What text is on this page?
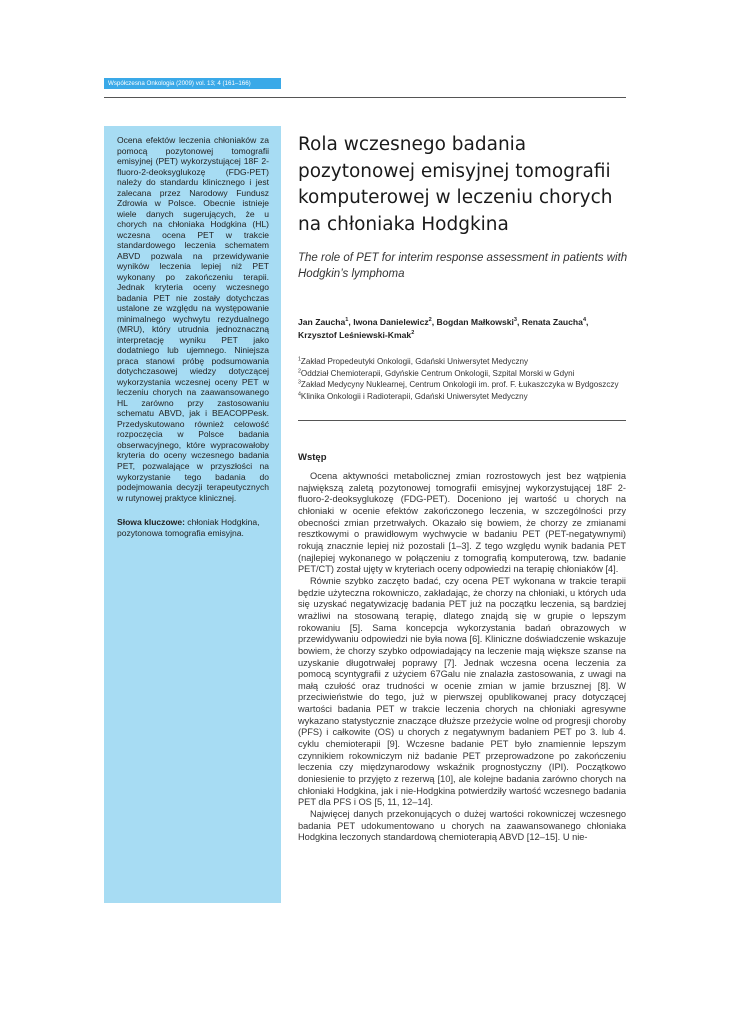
Współczesna Onkologia (2009) vol. 13; 4 (161–166)

Ocena efektów leczenia chłoniaków za pomocą pozytonowej tomografii emisyjnej (PET) wykorzystującej 18F 2-fluoro-2-deoksyglukozę (FDG-PET) należy do standardu klinicznego i jest zalecana przez Narodowy Fundusz Zdrowia w Polsce. Obecnie istnieje wiele danych sugerujących, że u chorych na chłoniaka Hodgkina (HL) wczesna ocena PET w trakcie standardowego leczenia schematem ABVD pozwala na przewidywanie wyników leczenia lepiej niż PET wykonany po zakończeniu terapii. Jednak kryteria oceny wczesnego badania PET nie zostały dotychczas ustalone ze względu na występowanie minimalnego wychwytu rezydualnego (MRU), który utrudnia jednoznaczną interpretację wyniku PET jako dodatniego lub ujemnego. Niniejsza praca stanowi próbę podsumowania dotychczasowej wiedzy dotyczącej wykorzystania wczesnej oceny PET w leczeniu chorych na zaawansowanego HL zarówno przy zastosowaniu schematu ABVD, jak i BEACOPPesk. Przedyskutowano również celowość rozpoczęcia w Polsce badania obserwacyjnego, które wypracowałoby kryteria do oceny wczesnego badania PET, pozwalające w przyszłości na wykorzystanie tego badania do podejmowania decyzji terapeutycznych w rutynowej praktyce klinicznej.

Słowa kluczowe: chłoniak Hodgkina, pozytonowa tomografia emisyjna.

Rola wczesnego badania pozytonowej emisyjnej tomografii komputerowej w leczeniu chorych na chłoniaka Hodgkina

The role of PET for interim response assessment in patients with Hodgkin’s lymphoma

Jan Zaucha$^1$, Iwona Danielewicz$^2$, Bogdan Małkowski$^3$, Renata Zaucha$^4$, Krzysztof Leśniewski-Kmak$^2$

$^1$Zakład Propedeutyki Onkologii, Gdański Uniwersytet Medyczny
$^2$Oddział Chemioterapii, Gdyńskie Centrum Onkologii, Szpital Morski w Gdyni
$^3$Zakład Medycyny Nuklearnej, Centrum Onkologii im. prof. F. Łukaszczyka w Bydgoszczy
$^4$Klinika Onkologii i Radioterapii, Gdański Uniwersytet Medyczny
Wstęp

Ocena aktywności metabolicznej zmian rozrostowych jest bez wątpienia największą zaletą pozytonowej tomografii emisyjnej wykorzystującej 18F 2-fluoro-2-deoksyglukozę (FDG-PET). Doceniono jej wartość u chorych na chłoniaki w ocenie efektów zakończonego leczenia, w szczególności przy obecności zmian przetrwałych. Okazało się bowiem, że chorzy ze zmianami resztkowymi o prawidłowym wychwycie w badaniu PET (PET-negatywnymi) rokują znacznie lepiej niż pozostali [1–3]. Z tego względu wynik badania PET (najlepiej wykonanego w połączeniu z tomografią komputerową, tzw. badanie PET/CT) został ujęty w kryteriach oceny odpowiedzi na terapię chłoniaków [4].

Równie szybko zaczęto badać, czy ocena PET wykonana w trakcie terapii będzie użyteczna rokowniczo, zakładając, że chorzy na chłoniaki, u których uda się uzyskać negatywizację badania PET już na początku leczenia, są bardziej wrażliwi na stosowaną terapię, dlatego znajdą się w grupie o lepszym rokowaniu [5]. Sama koncepcja wykorzystania badań obrazowych w przewidywaniu odpowiedzi nie była nowa [6]. Kliniczne doświadczenie wskazuje bowiem, że chorzy szybko odpowiadający na leczenie mają większe szanse na uzyskanie długotrwałej poprawy [7]. Jednak wczesna ocena leczenia za pomocą scyntygrafii z użyciem 67Galu nie znalazła zastosowania, z uwagi na małą czułość oraz trudności w ocenie zmian w jamie brzusznej [8]. W przeciwieństwie do tego, już w pierwszej opublikowanej pracy dotyczącej wartości badania PET w trakcie leczenia chorych na chłoniaki agresywne wykazano statystycznie znaczące dłuższe przeżycie wolne od progresji choroby (PFS) i całkowite (OS) u chorych z negatywnym badaniem PET po 3. lub 4. cyklu chemioterapii [9]. Wczesne badanie PET było znamiennie lepszym czynnikiem rokowniczym niż badanie PET przeprowadzone po zakończeniu leczenia czy międzynarodowy wskaźnik prognostyczny (IPI). Początkowo doniesienie to przyjęto z rezerwą [10], ale kolejne badania zarówno chorych na chłoniaki Hodgkina, jak i nie-Hodgkina potwierdziły wartość wczesnego badania PET dla PFS i OS [5, 11, 12–14].

Najwięcej danych przekonujących o dużej wartości rokowniczej wczesnego badania PET udokumentowano u chorych na zaawansowanego chłoniaka Hodgkina leczonych standardową chemioterapią ABVD [12–15]. U nie-
